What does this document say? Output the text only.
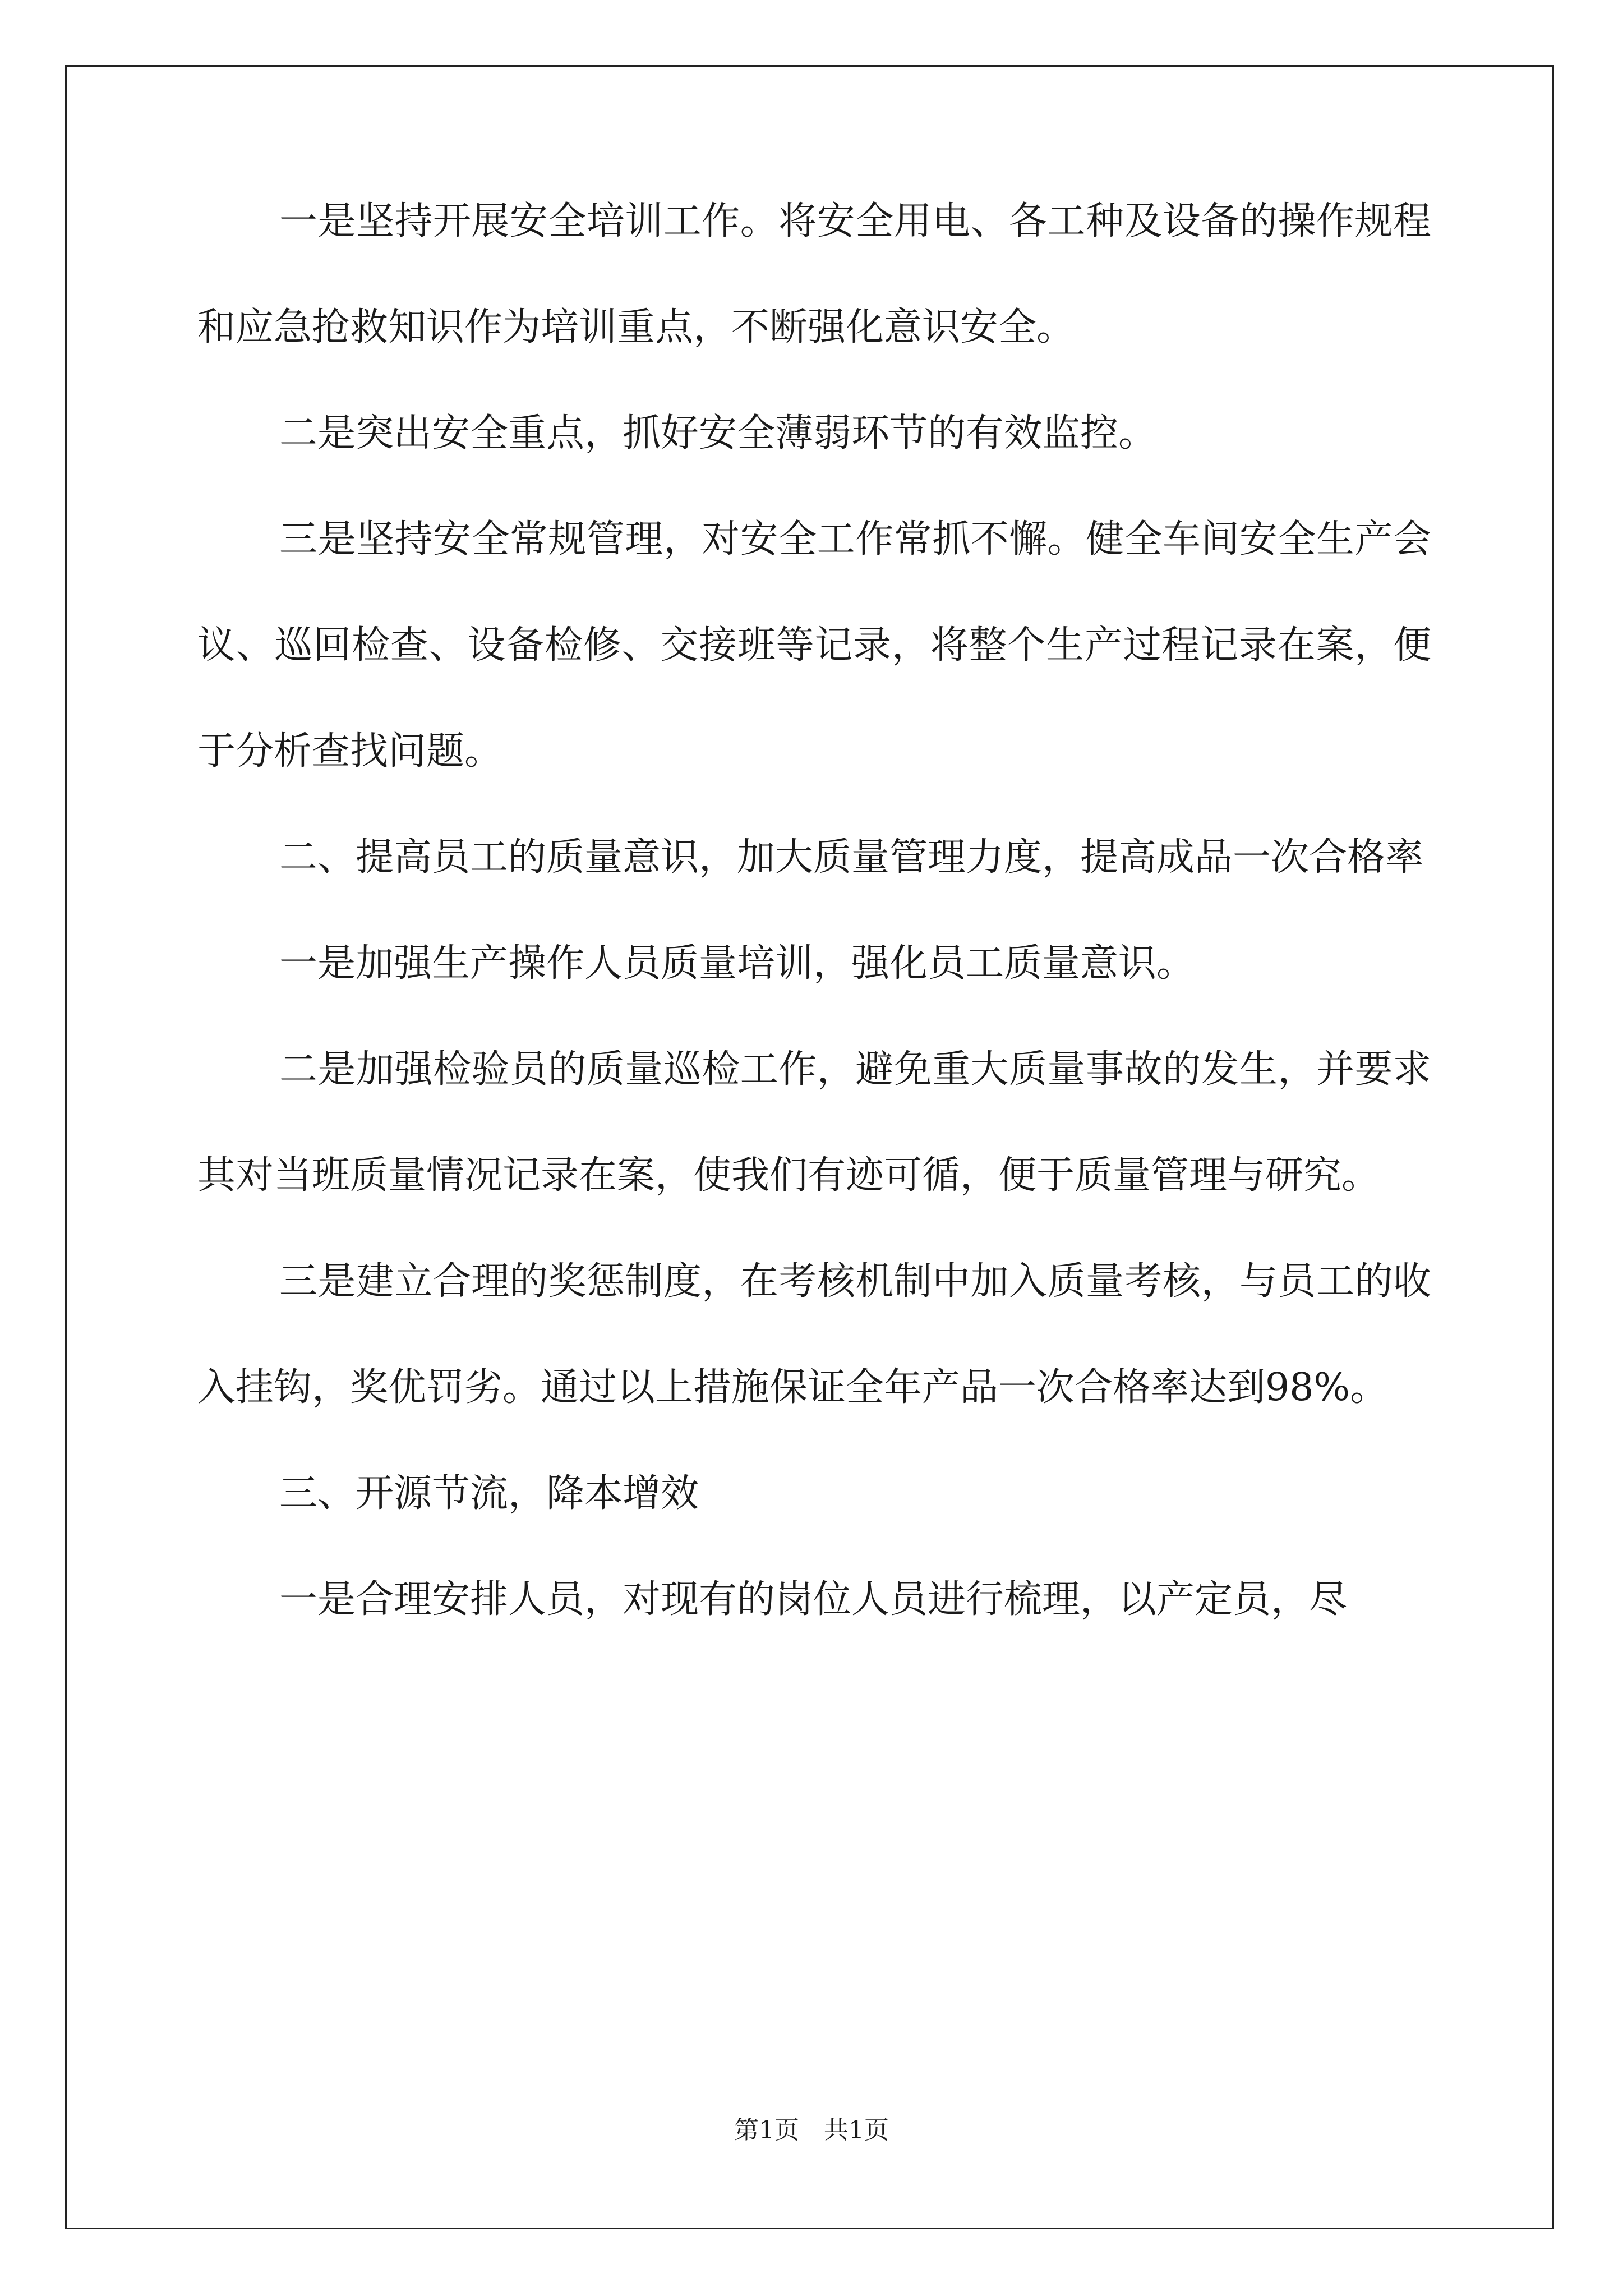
一是坚持开展安全培训工作。将安全用电、各工种及设备的操作规程和应急抢救知识作为培训重点，不断强化意识安全。

二是突出安全重点，抓好安全薄弱环节的有效监控。

三是坚持安全常规管理，对安全工作常抓不懈。健全车间安全生产会议、巡回检查、设备检修、交接班等记录，将整个生产过程记录在案，便于分析查找问题。

二、提高员工的质量意识，加大质量管理力度，提高成品一次合格率

一是加强生产操作人员质量培训，强化员工质量意识。

二是加强检验员的质量巡检工作，避免重大质量事故的发生，并要求其对当班质量情况记录在案，使我们有迹可循，便于质量管理与研究。

三是建立合理的奖惩制度，在考核机制中加入质量考核，与员工的收入挂钩，奖优罚劣。通过以上措施保证全年产品一次合格率达到98%。

三、开源节流，降本增效

一是合理安排人员，对现有的岗位人员进行梳理，以产定员，尽

第1页　共1页
